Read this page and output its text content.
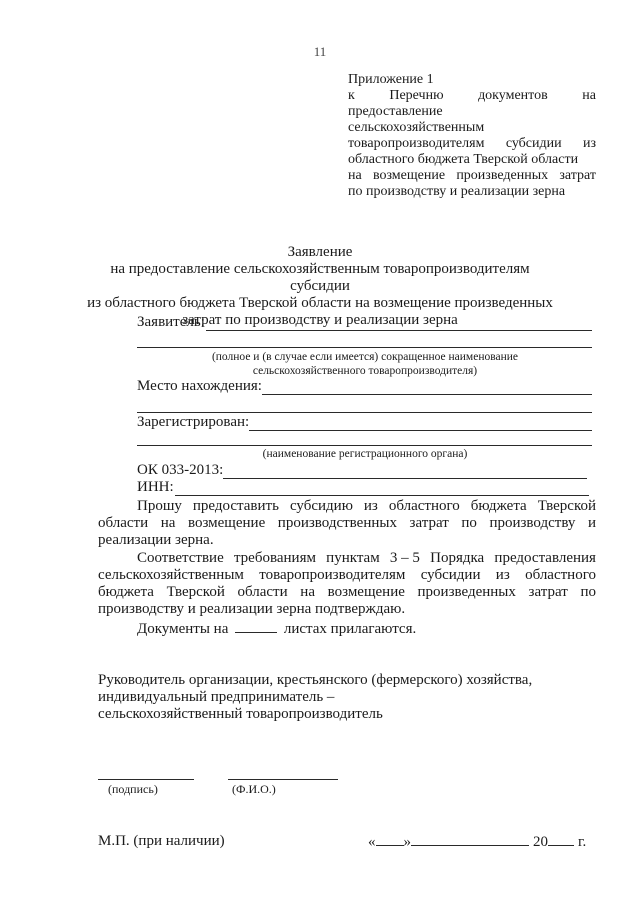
11
Приложение 1
к Перечню документов на
предоставление
сельскохозяйственным
товаропроизводителям субсидии из
областного бюджета Тверской области
на возмещение произведенных затрат
по производству и реализации зерна
Заявление
на предоставление сельскохозяйственным товаропроизводителям субсидии
из областного бюджета Тверской области на возмещение произведенных
затрат по производству и реализации зерна
Заявитель:
(полное и (в случае если имеется) сокращенное наименование
сельскохозяйственного товаропроизводителя)
Место нахождения:
Зарегистрирован:
(наименование регистрационного органа)
ОК 033-2013:
ИНН:
Прошу предоставить субсидию из областного бюджета Тверской
области на возмещение производственных затрат по производству и
реализации зерна.
Соответствие требованиям пунктам 3 – 5 Порядка предоставления
сельскохозяйственным товаропроизводителям субсидии из областного
бюджета Тверской области на возмещение произведенных затрат по
производству и реализации зерна подтверждаю.
Документы на	листах прилагаются.
Руководитель организации, крестьянского (фермерского) хозяйства,
индивидуальный предприниматель –
сельскохозяйственный товаропроизводитель
(подпись)	(Ф.И.О.)
М.П. (при наличии)	« »	20 г.
